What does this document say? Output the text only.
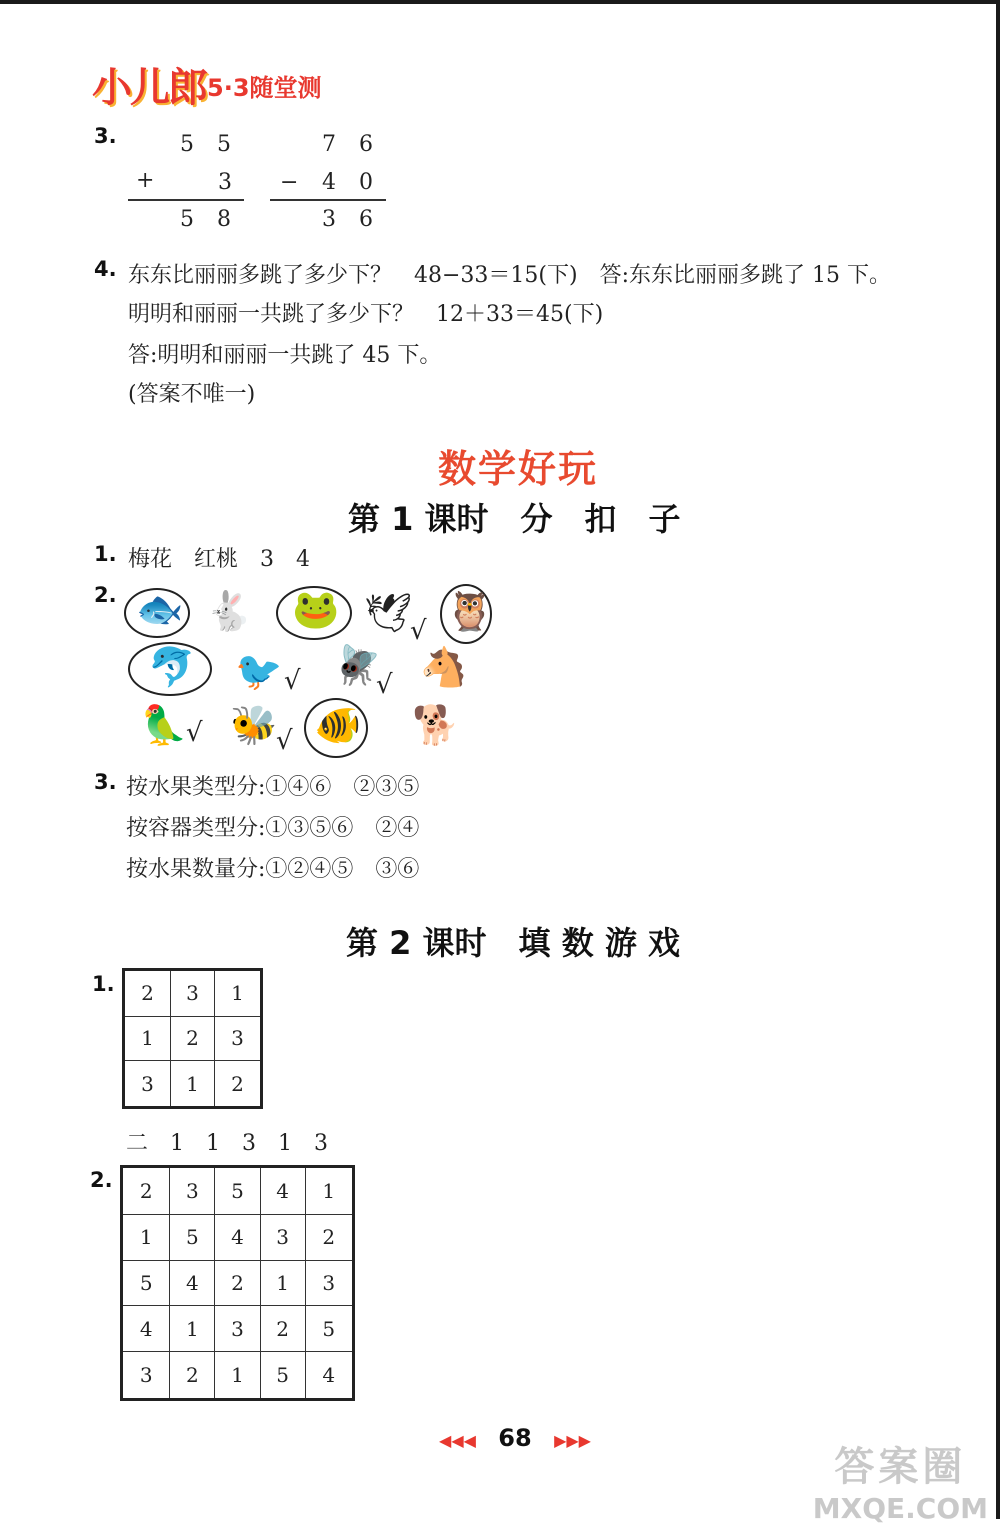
小儿郎 5·3随堂测
3.	5 5
+	3
5 8
7 6
− 4 0
3 6
4. 东东比丽丽多跳了多少下？　48−33＝15(下)　答:东东比丽丽多跳了 15 下。
明明和丽丽一共跳了多少下？　12＋33＝45(下)
答:明明和丽丽一共跳了 45 下。
(答案不唯一)
数学好玩
第 1 课时　分　扣　子
1. 梅花　红桃　3　4
2. 🐟 🐇 🐸 🕊
√ 🦉
🐬 🐦 √ 🪰
√ 🐴
🦜
√ 🐝
√ 🐠 🐕
3. 按水果类型分:①④⑥　②③⑤
按容器类型分:①③⑤⑥　②④
按水果数量分:①②④⑤　③⑥
第 2 课时　填 数 游 戏
1. 2	3	1
1	2	3
3	1	2
二　1　1　3　1　3
2. 2	3	5	4	1
1	5	4	3	2
5	4	2	1	3
4	1	3	2	5
3	2	1	5	4
◀◀◀ 68 ▶▶▶
答案圈
MXQE.COM
